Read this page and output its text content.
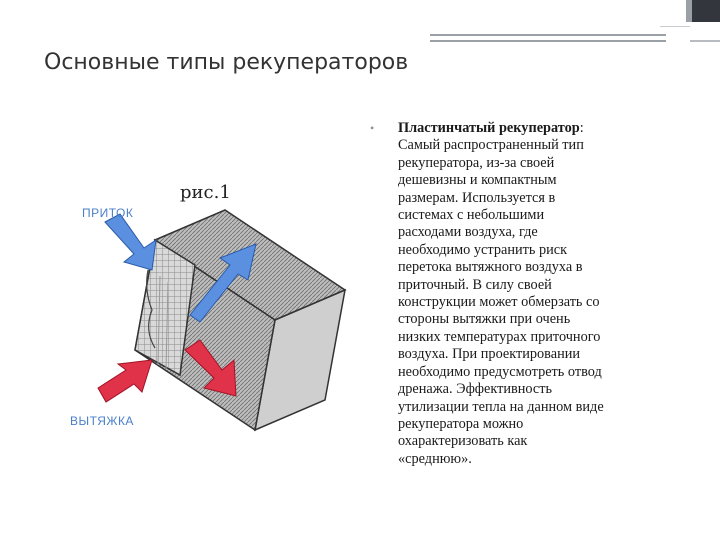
Основные типы рекуператоров
рис.1
ПРИТОК
ВЫТЯЖКА
•	Пластинчатый рекуператор:
Самый распространенный тип
рекуператора, из-за своей
дешевизны и компактным
размерам. Используется в
системах с небольшими
расходами воздуха, где
необходимо устранить риск
перетока вытяжного воздуха в
приточный. В силу своей
конструкции может обмерзать со
стороны вытяжки при очень
низких температурах приточного
воздуха. При проектировании
необходимо предусмотреть отвод
дренажа. Эффективность
утилизации тепла на данном виде
рекуператора можно
охарактеризовать как
«среднюю».
